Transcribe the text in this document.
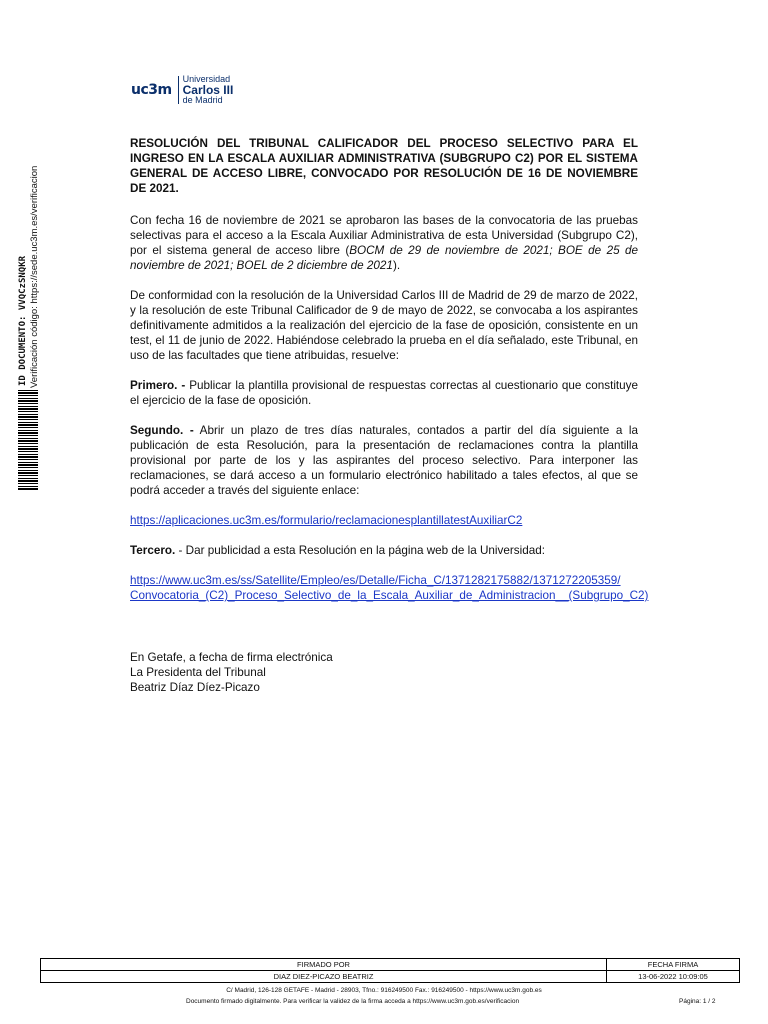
uc3m
Universidad
Carlos III
de Madrid
ID DOCUMENTO: VVQCzSNQKR Verificación código: https://sede.uc3m.es/verificacion

RESOLUCIÓN DEL TRIBUNAL CALIFICADOR DEL PROCESO SELECTIVO PARA EL INGRESO EN LA ESCALA AUXILIAR ADMINISTRATIVA (SUBGRUPO C2) POR EL SISTEMA GENERAL DE ACCESO LIBRE, CONVOCADO POR RESOLUCIÓN DE 16 DE NOVIEMBRE DE 2021.

Con fecha 16 de noviembre de 2021 se aprobaron las bases de la convocatoria de las pruebas selectivas para el acceso a la Escala Auxiliar Administrativa de esta Universidad (Subgrupo C2), por el sistema general de acceso libre (BOCM de 29 de noviembre de 2021; BOE de 25 de noviembre de 2021; BOEL de 2 diciembre de 2021).

De conformidad con la resolución de la Universidad Carlos III de Madrid de 29 de marzo de 2022, y la resolución de este Tribunal Calificador de 9 de mayo de 2022, se convocaba a los aspirantes definitivamente admitidos a la realización del ejercicio de la fase de oposición, consistente en un test, el 11 de junio de 2022. Habiéndose celebrado la prueba en el día señalado, este Tribunal, en uso de las facultades que tiene atribuidas, resuelve:

Primero. - Publicar la plantilla provisional de respuestas correctas al cuestionario que constituye el ejercicio de la fase de oposición.

Segundo. - Abrir un plazo de tres días naturales, contados a partir del día siguiente a la publicación de esta Resolución, para la presentación de reclamaciones contra la plantilla provisional por parte de los y las aspirantes del proceso selectivo. Para interponer las reclamaciones, se dará acceso a un formulario electrónico habilitado a tales efectos, al que se podrá acceder a través del siguiente enlace:

https://aplicaciones.uc3m.es/formulario/reclamacionesplantillatestAuxiliarC2

Tercero. - Dar publicidad a esta Resolución en la página web de la Universidad:

https://www.uc3m.es/ss/Satellite/Empleo/es/Detalle/Ficha_C/1371282175882/1371272205359/
Convocatoria_(C2)_Proceso_Selectivo_de_la_Escala_Auxiliar_de_Administracion__(Subgrupo_C2)
En Getafe, a fecha de firma electrónica
La Presidenta del Tribunal
Beatriz Díaz Díez-Picazo
FIRMADO POR	FECHA FIRMA
DIAZ DIEZ-PICAZO BEATRIZ	13-06-2022 10:09:05
C/ Madrid, 126-128 GETAFE - Madrid - 28903, Tfno.: 916249500 Fax.: 916249500 - https://www.uc3m.gob.es
Documento firmado digitalmente. Para verificar la validez de la firma acceda a https://www.uc3m.gob.es/verificacion	Página: 1 / 2
